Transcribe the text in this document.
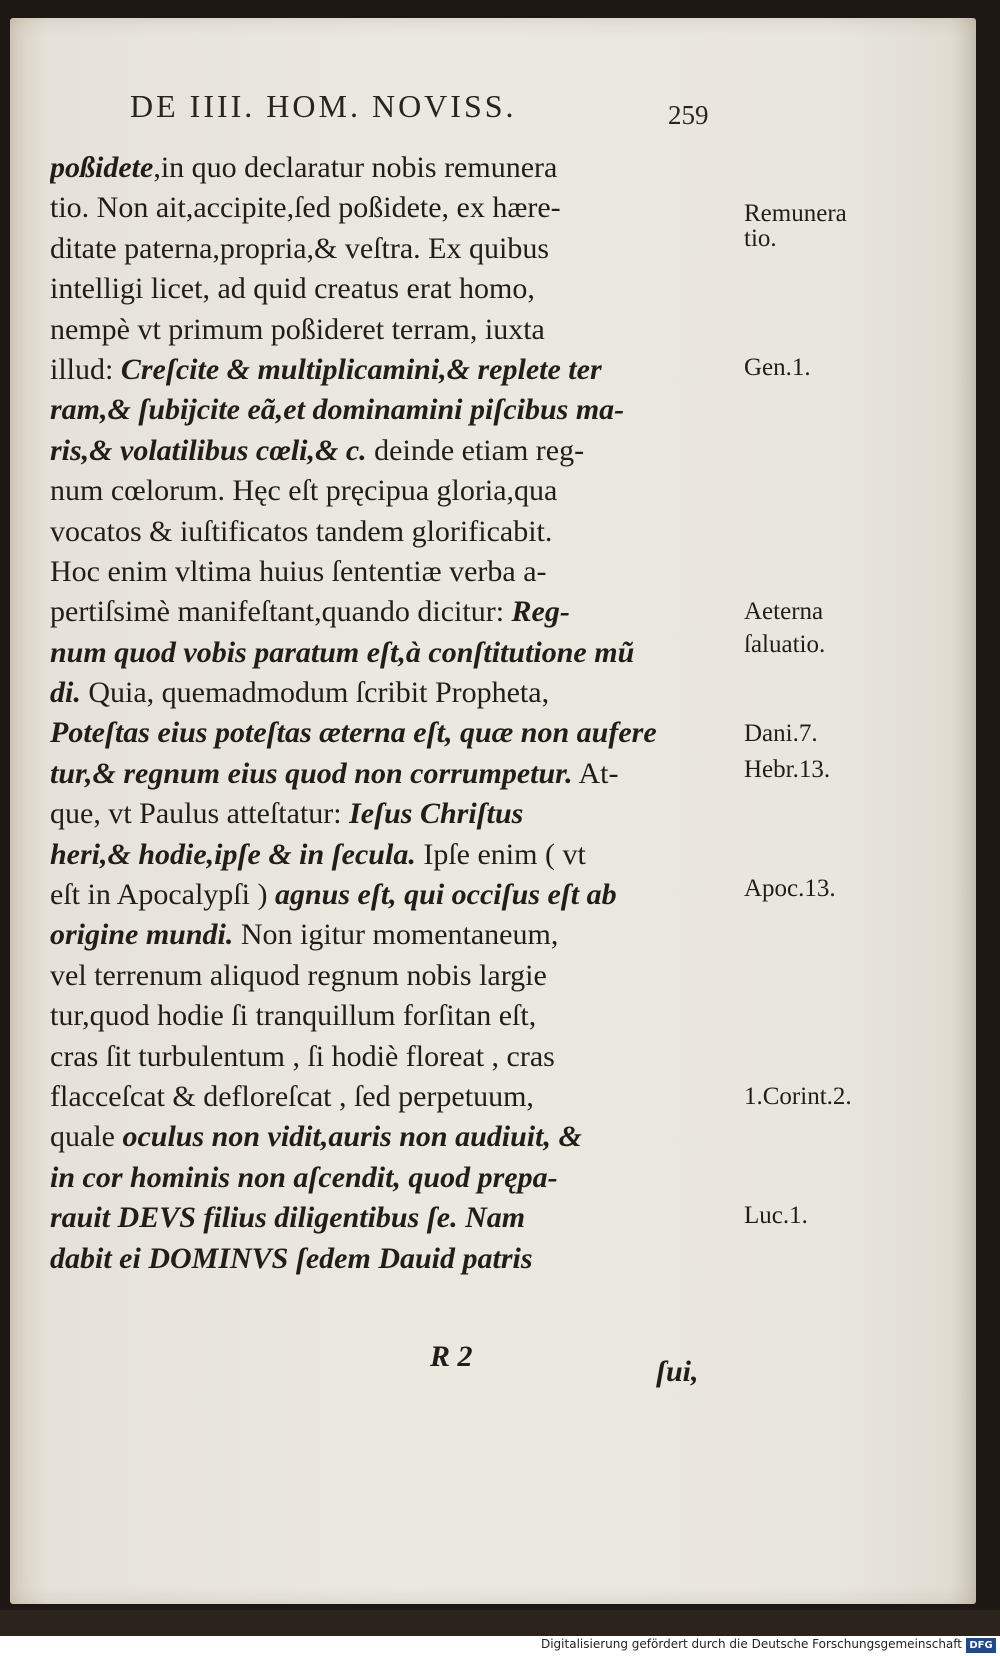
DE IIII. HOM. NOVISS.	259
poßidete,in quo declaratur nobis remunera
tio. Non ait,accipite,ſed poßidete, ex hære-
ditate paterna,propria,& veſtra. Ex quibus
intelligi licet, ad quid creatus erat homo,
nempè vt primum poßideret terram, iuxta
illud: Creſcite & multiplicamini,& replete ter
ram,& ſubijcite eã,et dominamini piſcibus ma-
ris,& volatilibus cœli,& c. deinde etiam reg-
num cœlorum. Hęc eſt pręcipua gloria,qua
vocatos & iuſtificatos tandem glorificabit.
Hoc enim vltima huius ſententiæ verba a-
pertiſsimè manifeſtant,quando dicitur: Reg-
num quod vobis paratum eſt,à conſtitutione mũ
di. Quia, quemadmodum ſcribit Propheta,
Poteſtas eius poteſtas æterna eſt, quæ non aufere
tur,& regnum eius quod non corrumpetur. At-
que, vt Paulus atteſtatur: Ieſus Chriſtus
heri,& hodie,ipſe & in ſecula. Ipſe enim ( vt
eſt in Apocalypſi ) agnus eſt, qui occiſus eſt ab
origine mundi. Non igitur momentaneum,
vel terrenum aliquod regnum nobis largie
tur,quod hodie ſi tranquillum forſitan eſt,
cras ſit turbulentum , ſi hodiè floreat , cras
flacceſcat & defloreſcat , ſed perpetuum,
quale oculus non vidit,auris non audiuit, &
in cor hominis non aſcendit, quod prępa-
rauit DEVS filius diligentibus ſe. Nam
dabit ei DOMINVS ſedem Dauid patris
Remunera
tio.
Gen.1.
Aeterna
ſaluatio.
Dani.7.
Hebr.13.
Apoc.13.
1.Corint.2.
Luc.1.
R 2	ſui,
Digitalisierung gefördert durch die Deutsche Forschungsgemeinschaft DFG
